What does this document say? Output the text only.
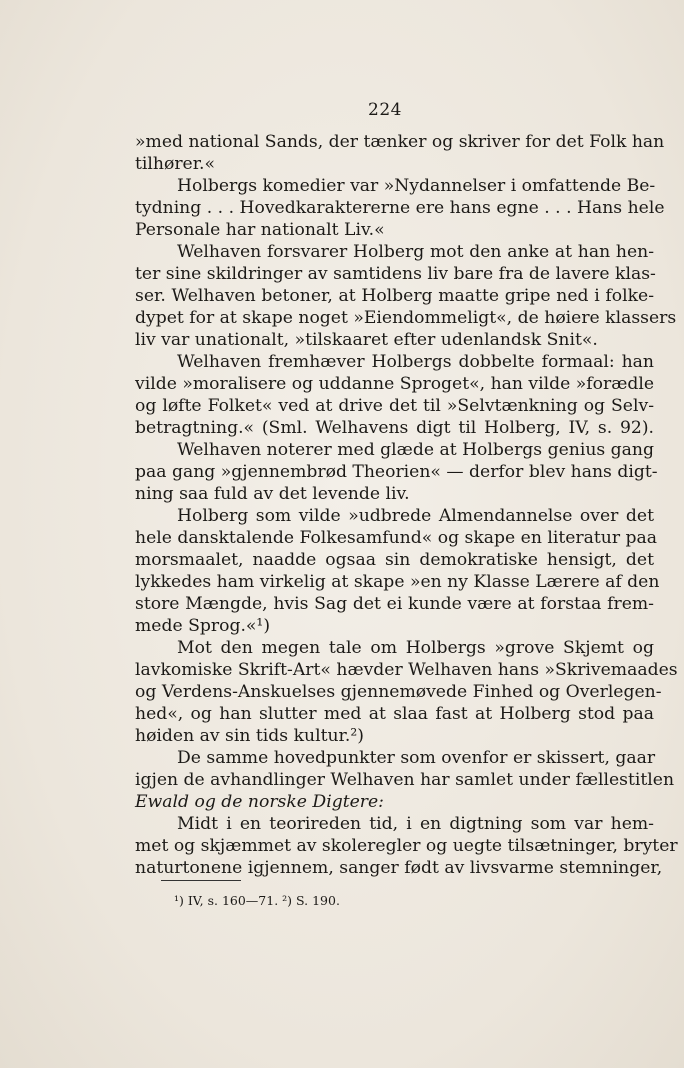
224
»med national Sands, der tænker og skriver for det Folk han
tilhører.«
Holbergs komedier var »Nydannelser i omfattende Be-
tydning . . . Hovedkaraktererne ere hans egne . . . Hans hele
Personale har nationalt Liv.«
Welhaven forsvarer Holberg mot den anke at han hen-
ter sine skildringer av samtidens liv bare fra de lavere klas-
ser. Welhaven betoner, at Holberg maatte gripe ned i folke-
dypet for at skape noget »Eiendommeligt«, de høiere klassers
liv var unationalt, »tilskaaret efter udenlandsk Snit«.
Welhaven fremhæver Holbergs dobbelte formaal: han
vilde »moralisere og uddanne Sproget«, han vilde »forædle
og løfte Folket« ved at drive det til »Selvtænkning og Selv-
betragtning.« (Sml. Welhavens digt til Holberg, IV, s. 92).
Welhaven noterer med glæde at Holbergs genius gang
paa gang »gjennembrød Theorien« — derfor blev hans digt-
ning saa fuld av det levende liv.
Holberg som vilde »udbrede Almendannelse over det
hele dansktalende Folkesamfund« og skape en literatur paa
morsmaalet, naadde ogsaa sin demokratiske hensigt, det
lykkedes ham virkelig at skape »en ny Klasse Lærere af den
store Mængde, hvis Sag det ei kunde være at forstaa frem-
mede Sprog.«¹)
Mot den megen tale om Holbergs »grove Skjemt og
lavkomiske Skrift-Art« hævder Welhaven hans »Skrivemaades
og Verdens-Anskuelses gjennemøvede Finhed og Overlegen-
hed«, og han slutter med at slaa fast at Holberg stod paa
høiden av sin tids kultur.²)
De samme hovedpunkter som ovenfor er skissert, gaar
igjen de avhandlinger Welhaven har samlet under fællestitlen
Ewald og de norske Digtere:
Midt i en teorireden tid, i en digtning som var hem-
met og skjæmmet av skoleregler og uegte tilsætninger, bryter
naturtonene igjennem, sanger født av livsvarme stemninger,
¹) IV, s. 160—71. ²) S. 190.
